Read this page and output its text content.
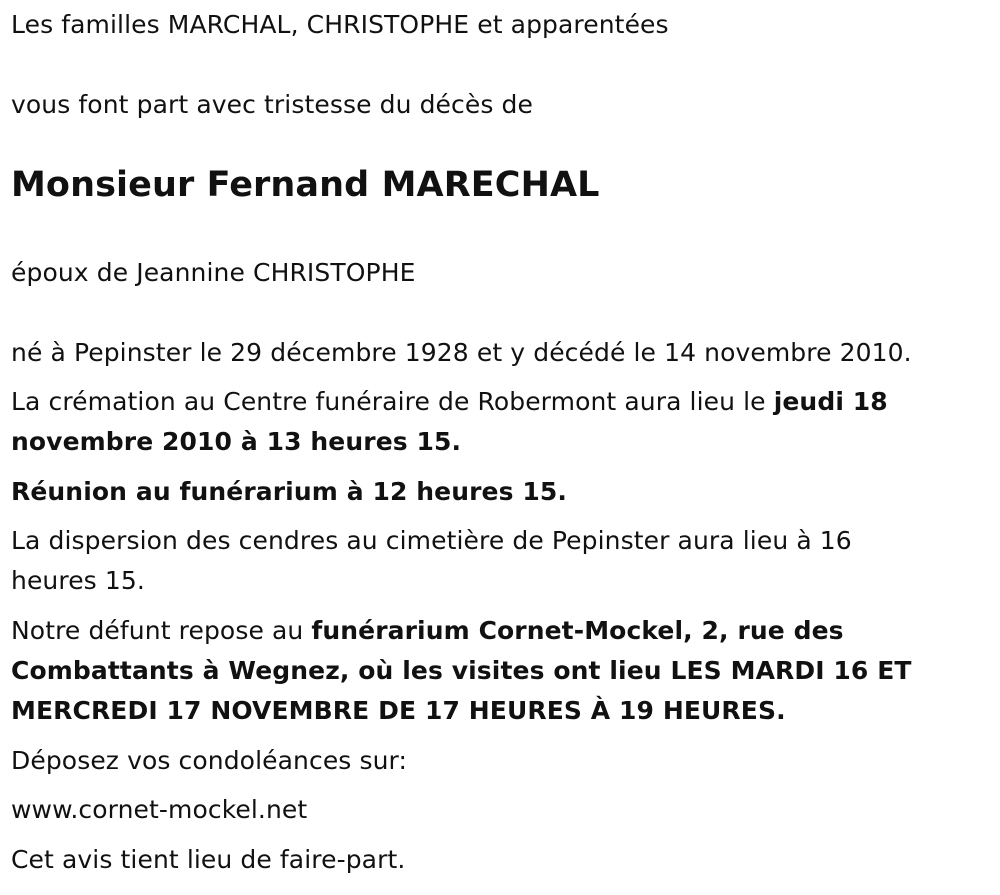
Les familles MARCHAL, CHRISTOPHE et apparentées

vous font part avec tristesse du décès de

Monsieur Fernand MARECHAL

époux de Jeannine CHRISTOPHE

né à Pepinster le 29 décembre 1928 et y décédé le 14 novembre 2010.

La crémation au Centre funéraire de Robermont aura lieu le jeudi 18

novembre 2010 à 13 heures 15.

Réunion au funérarium à 12 heures 15.

La dispersion des cendres au cimetière de Pepinster aura lieu à 16

heures 15.

Notre défunt repose au funérarium Cornet-Mockel, 2, rue des

Combattants à Wegnez, où les visites ont lieu LES MARDI 16 ET

MERCREDI 17 NOVEMBRE DE 17 HEURES À 19 HEURES.

Déposez vos condoléances sur:

www.cornet-mockel.net

Cet avis tient lieu de faire-part.
